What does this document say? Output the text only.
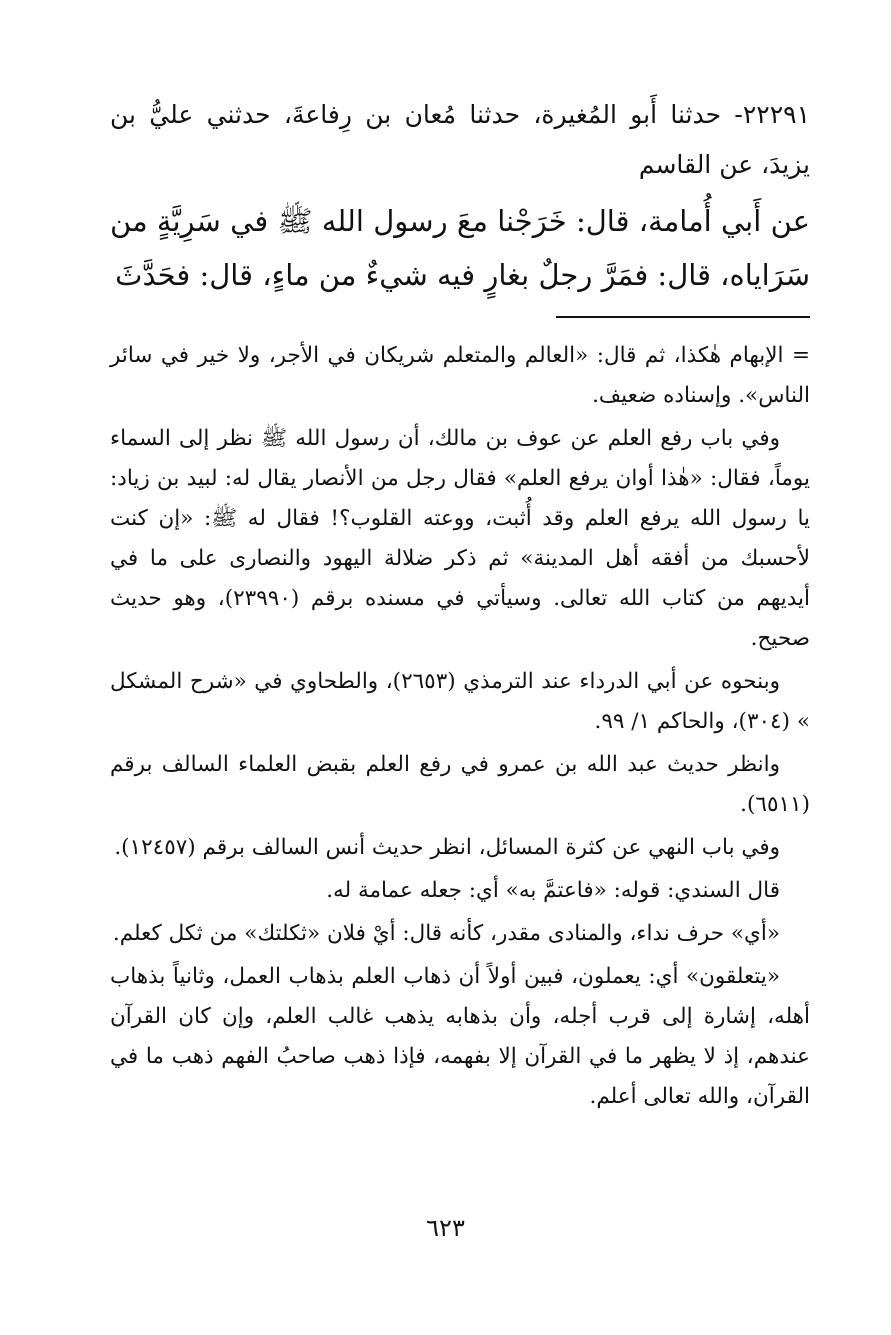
٢٢٢٩١- حدثنا أَبو المُغيرة، حدثنا مُعان بن رِفاعةَ، حدثني عليُّ بن يزيدَ، عن القاسم

عن أَبي أُمامة، قال: خَرَجْنا معَ رسول الله ﷺ في سَرِيَّةٍ من سَرَاياه، قال: فمَرَّ رجلٌ بغارٍ فيه شيءٌ من ماءٍ، قال: فحَدَّثَ

= الإبهام هٰكذا، ثم قال: «العالم والمتعلم شريكان في الأجر، ولا خير في سائر الناس». وإسناده ضعيف.

وفي باب رفع العلم عن عوف بن مالك، أن رسول الله ﷺ نظر إلى السماء يوماً، فقال: «هٰذا أوان يرفع العلم» فقال رجل من الأنصار يقال له: لبيد بن زياد: يا رسول الله يرفع العلم وقد أُثبت، ووعته القلوب؟! فقال له ﷺ: «إن كنت لأحسبك من أفقه أهل المدينة» ثم ذكر ضلالة اليهود والنصارى على ما في أيديهم من كتاب الله تعالى. وسيأتي في مسنده برقم (٢٣٩٩٠)، وهو حديث صحيح.

وبنحوه عن أبي الدرداء عند الترمذي (٢٦٥٣)، والطحاوي في «شرح المشكل » (٣٠٤)، والحاكم ١/ ٩٩.

وانظر حديث عبد الله بن عمرو في رفع العلم بقبض العلماء السالف برقم (٦٥١١).

وفي باب النهي عن كثرة المسائل، انظر حديث أنس السالف برقم (١٢٤٥٧).

قال السندي: قوله: «فاعتمَّ به» أي: جعله عمامة له.

«أي» حرف نداء، والمنادى مقدر، كأنه قال: أيْ فلان «ثكلتك» من ثكل كعلم.

«يتعلقون» أي: يعملون، فبين أولاً أن ذهاب العلم بذهاب العمل، وثانياً بذهاب أهله، إشارة إلى قرب أجله، وأن بذهابه يذهب غالب العلم، وإن كان القرآن عندهم، إذ لا يظهر ما في القرآن إلا بفهمه، فإذا ذهب صاحبُ الفهم ذهب ما في القرآن، والله تعالى أعلم.

٦٢٣
